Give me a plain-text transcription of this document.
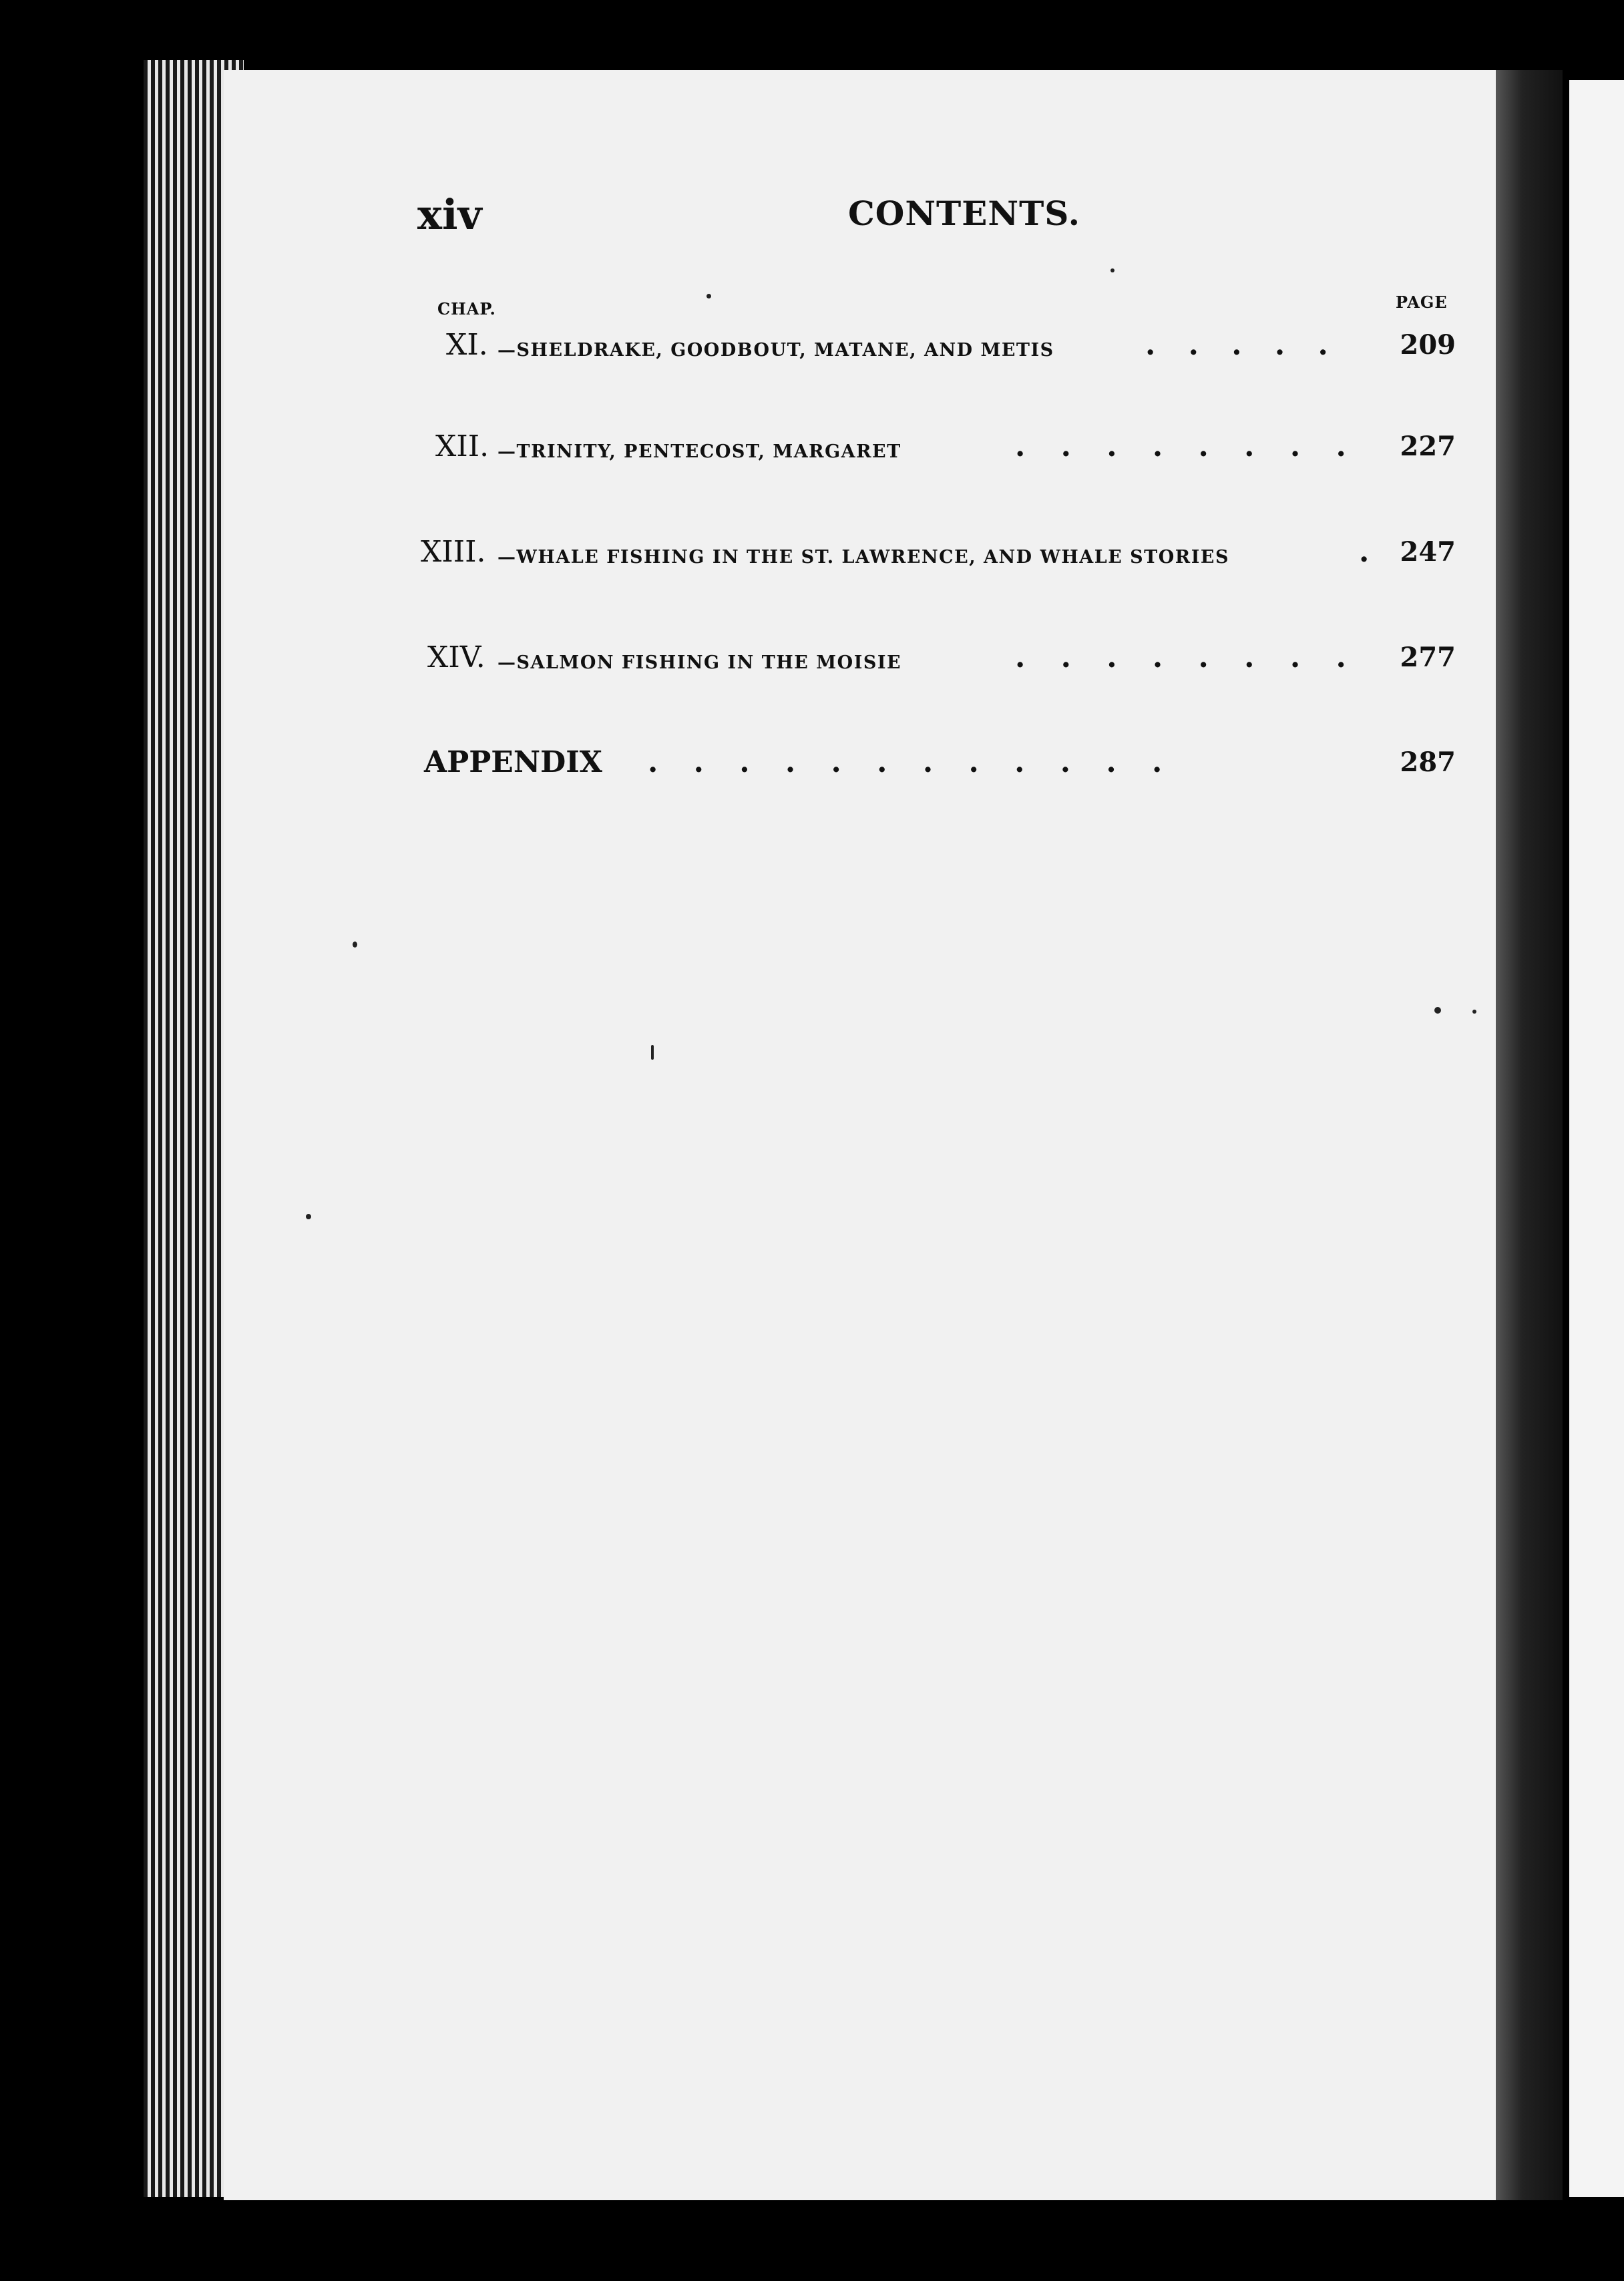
xiv	CONTENTS.
CHAP.	PAGE
XI. —SHELDRAKE, GOODBOUT, MATANE, AND METIS	. . . . .	209
XII. —TRINITY, PENTECOST, MARGARET	. . . . . . . . 227
XIII. —WHALE FISHING IN THE ST. LAWRENCE, AND WHALE STORIES	. 247
XIV. —SALMON FISHING IN THE MOISIE	. . . . . . . . 277
APPENDIX . . . . . . . . . . . .	287
